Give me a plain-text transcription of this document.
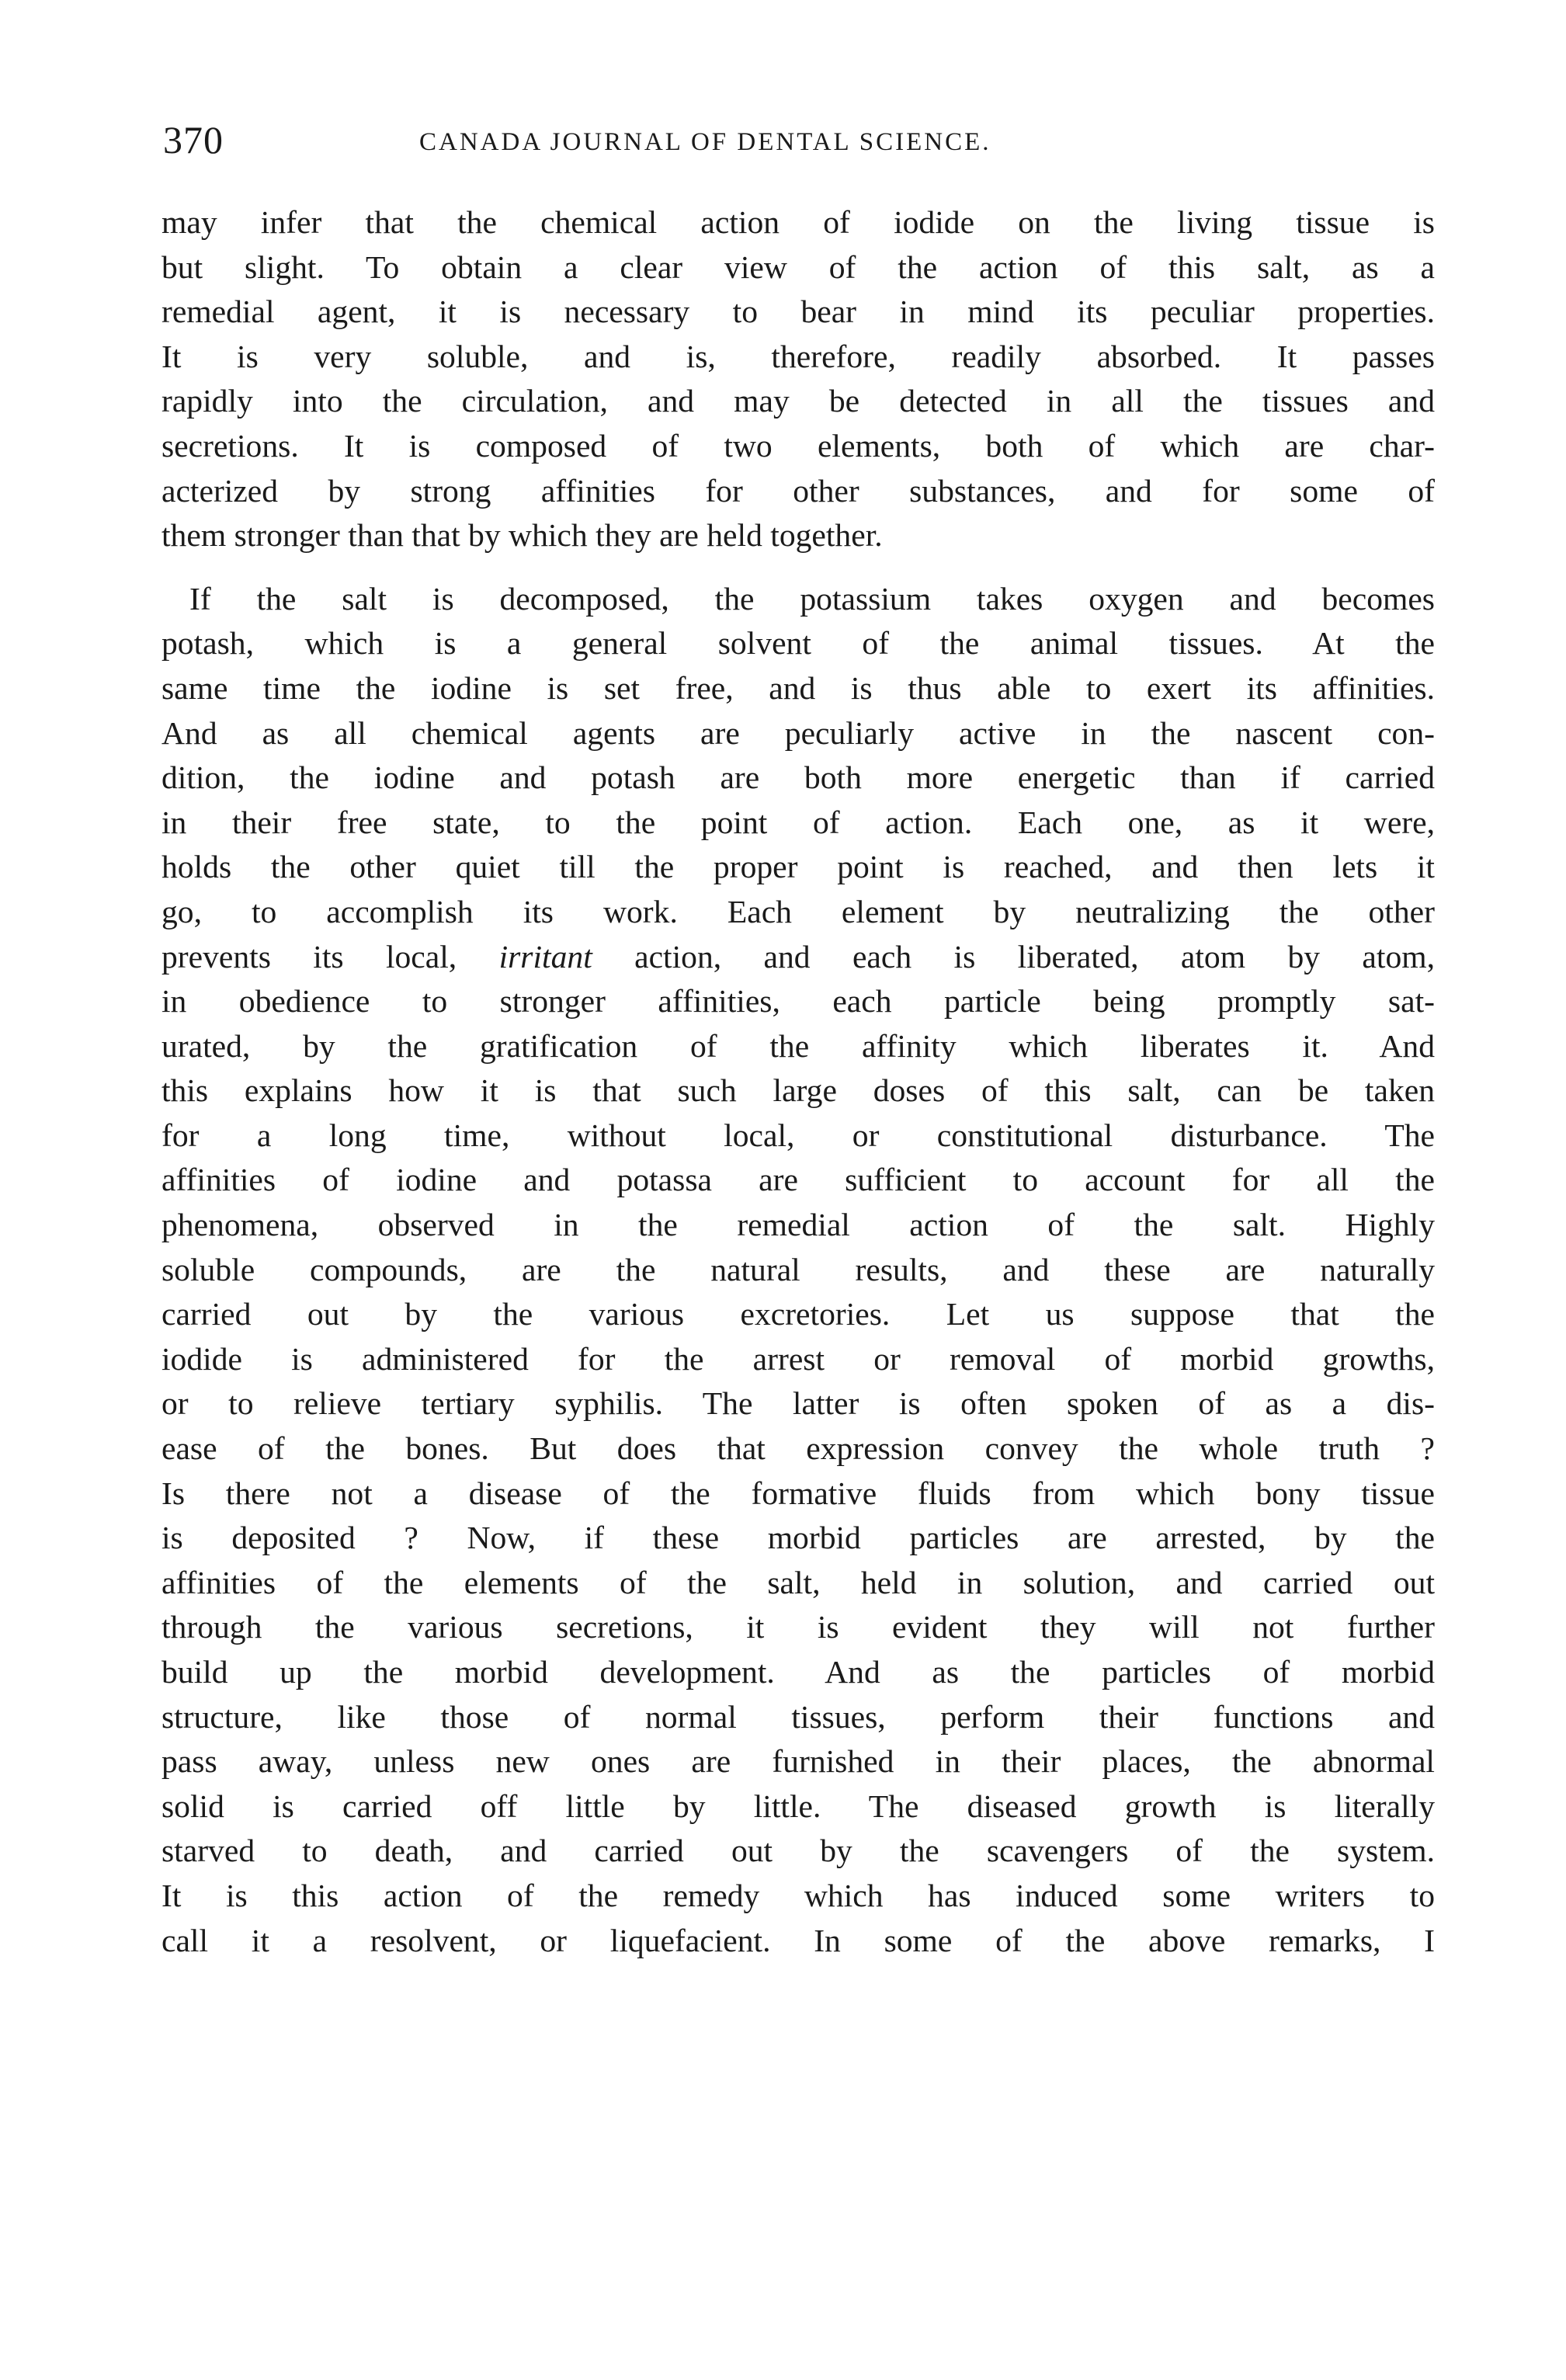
370	CANADA JOURNAL OF DENTAL SCIENCE.
may infer that the chemical action of iodide on the living tissue is
but slight. To obtain a clear view of the action of this salt, as a
remedial agent, it is necessary to bear in mind its peculiar properties.
It is very soluble, and is, therefore, readily absorbed. It passes
rapidly into the circulation, and may be detected in all the tissues and
secretions. It is composed of two elements, both of which are char-
acterized by strong affinities for other substances, and for some of
them stronger than that by which they are held together.
If the salt is decomposed, the potassium takes oxygen and becomes
potash, which is a general solvent of the animal tissues. At the
same time the iodine is set free, and is thus able to exert its affinities.
And as all chemical agents are peculiarly active in the nascent con-
dition, the iodine and potash are both more energetic than if carried
in their free state, to the point of action. Each one, as it were,
holds the other quiet till the proper point is reached, and then lets it
go, to accomplish its work. Each element by neutralizing the other
prevents its local, irritant action, and each is liberated, atom by atom,
in obedience to stronger affinities, each particle being promptly sat-
urated, by the gratification of the affinity which liberates it. And
this explains how it is that such large doses of this salt, can be taken
for a long time, without local, or constitutional disturbance. The
affinities of iodine and potassa are sufficient to account for all the
phenomena, observed in the remedial action of the salt. Highly
soluble compounds, are the natural results, and these are naturally
carried out by the various excretories. Let us suppose that the
iodide is administered for the arrest or removal of morbid growths,
or to relieve tertiary syphilis. The latter is often spoken of as a dis-
ease of the bones. But does that expression convey the whole truth ?
Is there not a disease of the formative fluids from which bony tissue
is deposited ? Now, if these morbid particles are arrested, by the
affinities of the elements of the salt, held in solution, and carried out
through the various secretions, it is evident they will not further
build up the morbid development. And as the particles of morbid
structure, like those of normal tissues, perform their functions and
pass away, unless new ones are furnished in their places, the abnormal
solid is carried off little by little. The diseased growth is literally
starved to death, and carried out by the scavengers of the system.
It is this action of the remedy which has induced some writers to
call it a resolvent, or liquefacient. In some of the above remarks, I
